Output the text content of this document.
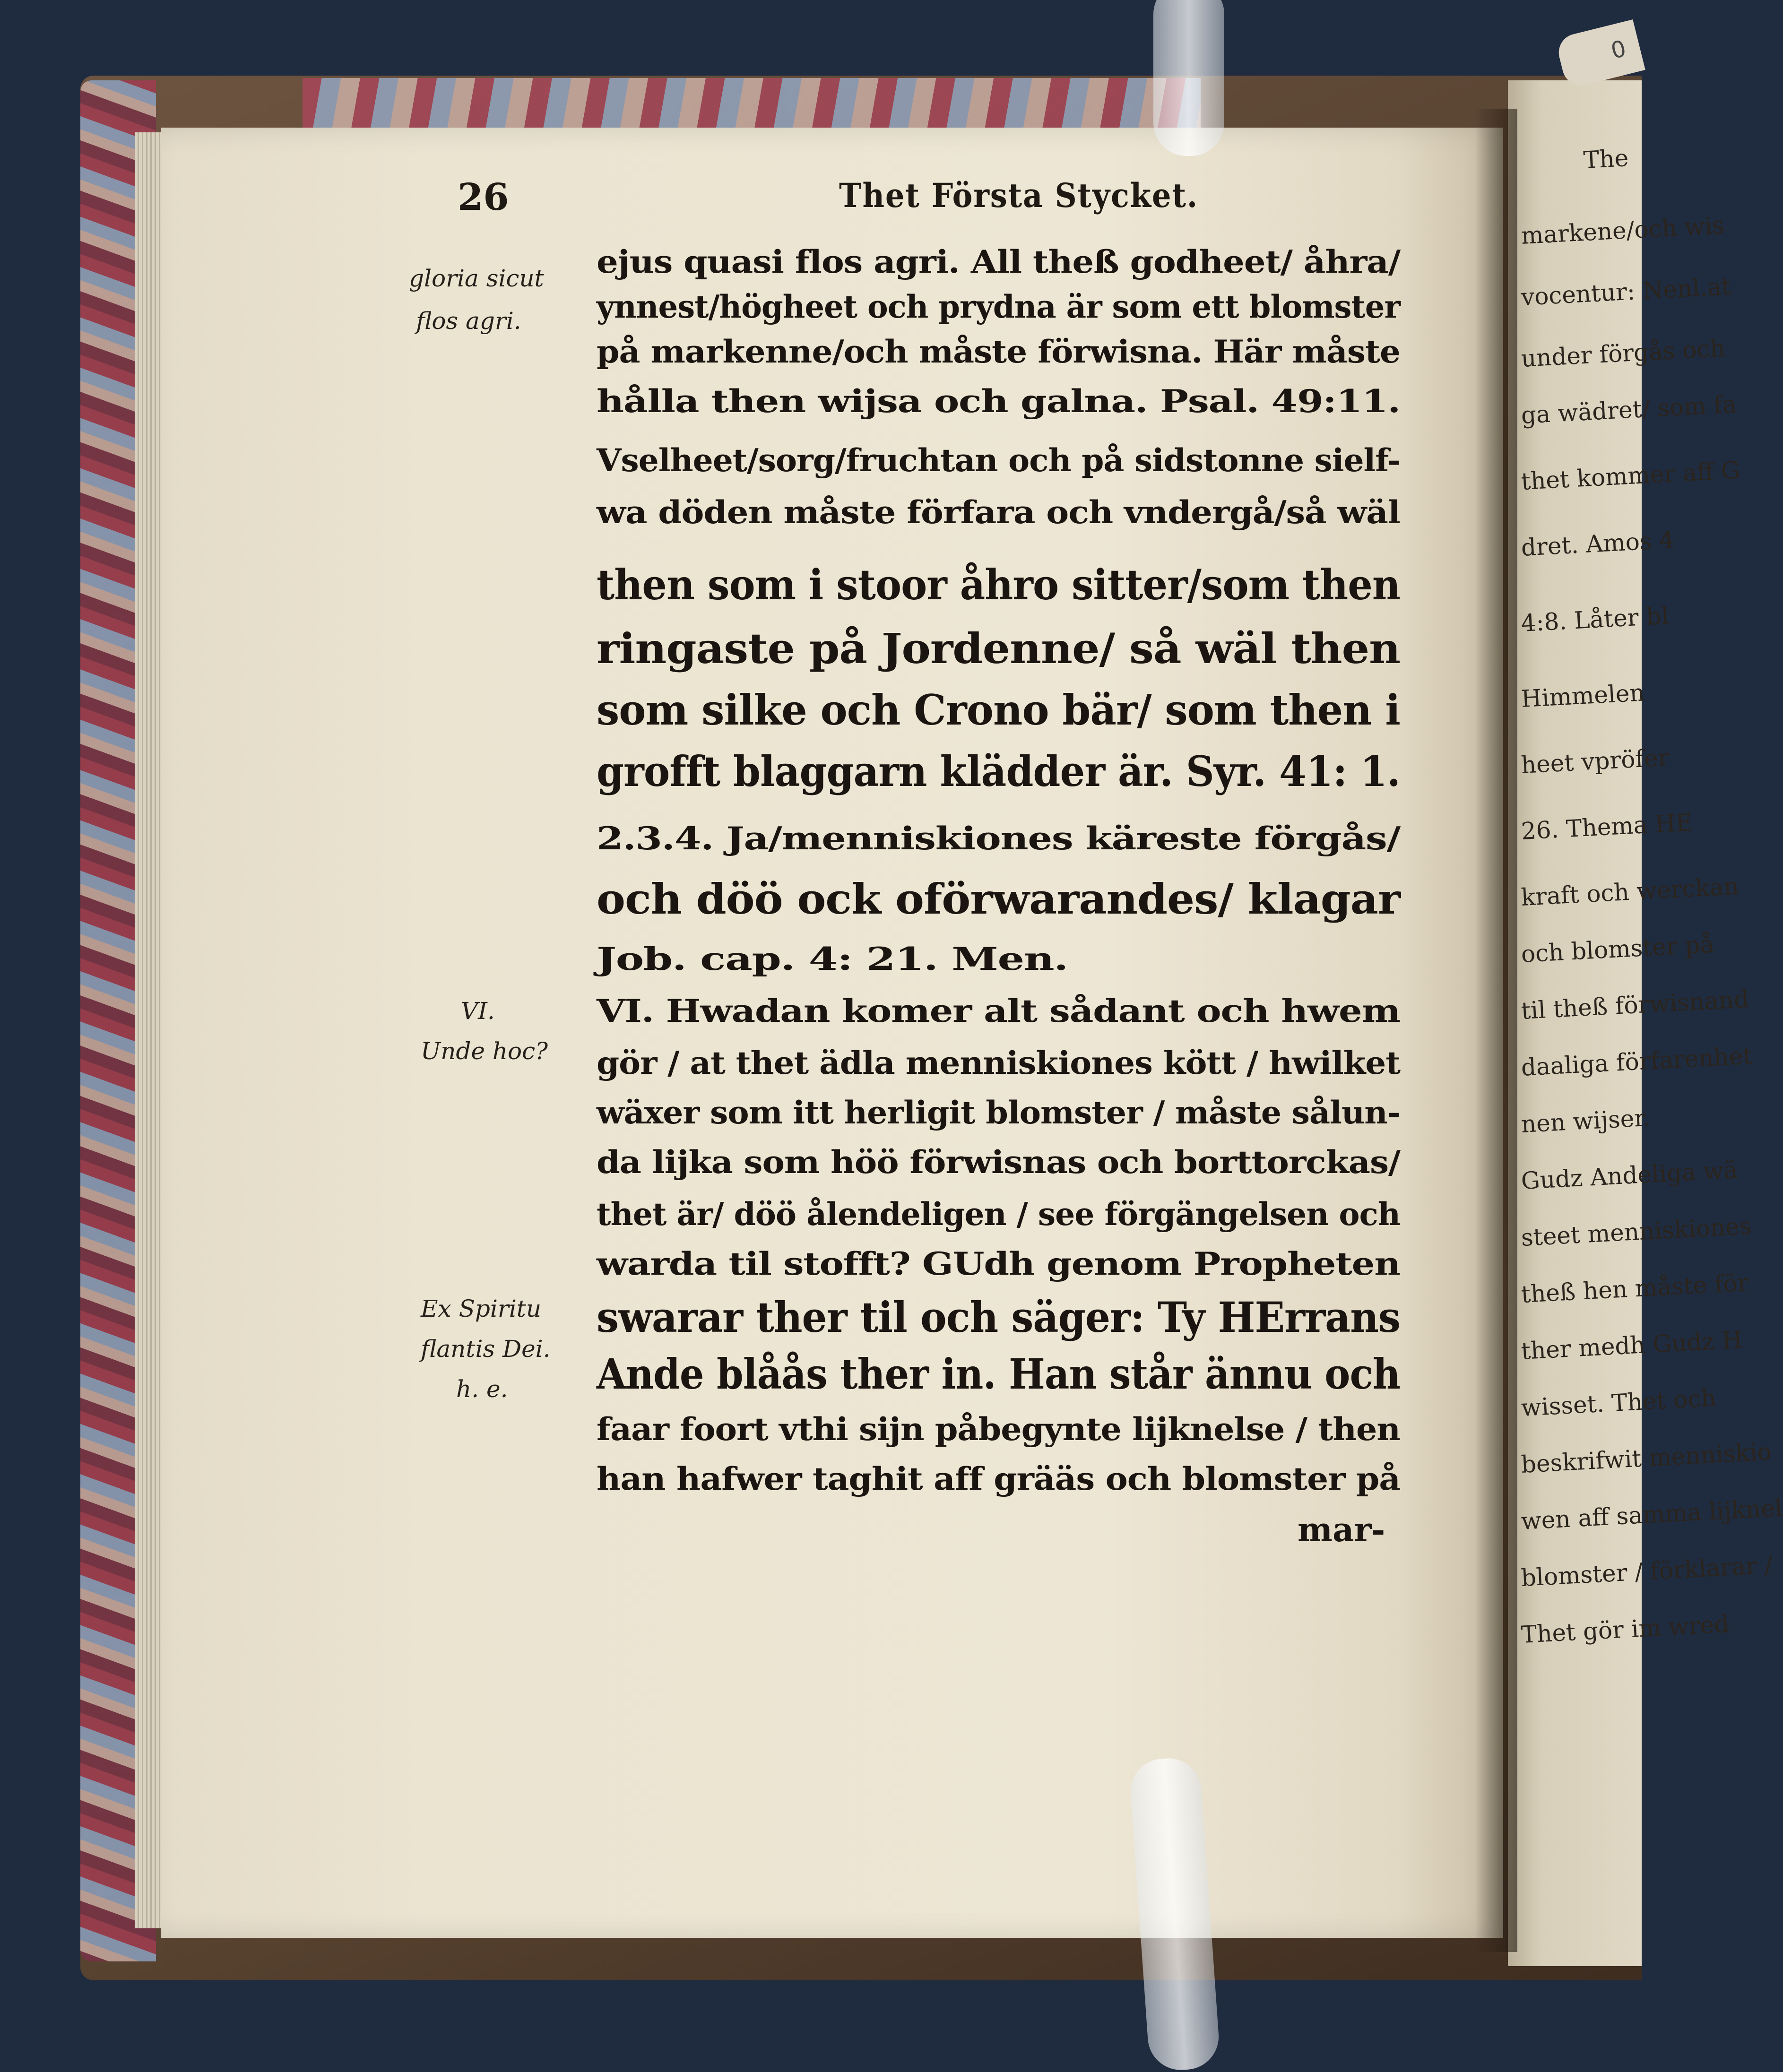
The
markene/och wis
vocentur: Nenl.at
under förgås och
ga wädret/ som fa
thet kommer aff G
dret. Amos 4
4:8. Låter bl
Himmelen
heet vpröfer
26. Thema HE
kraft och werckan
och blomster på
til theß förwisnand
daaliga förfarenhet
nen wijser.
Gudz Andeliga wä
steet menniskiones
theß hen måste för
ther medh Gudz H
wisset. Thet och
beskrifwit menniskio
wen aff samma lijknel
blomster / förklarar /
Thet gör im wred
0
26	Thet Första Stycket.
gloria sicut
flos agri.
VI.
Unde hoc?
Ex Spiritu
flantis Dei.
h. e.
ejus quasi flos agri. All theß godheet/ åhra/
ynnest/högheet och prydna är som ett blomster
på markenne/och måste förwisna. Här måste
hålla then wijsa och galna. Psal. 49:11.
Vselheet/sorg/fruchtan och på sidstonne sielf-
wa döden måste förfara och vndergå/så wäl
then som i stoor åhro sitter/som then
ringaste på Jordenne/ så wäl then
som silke och Crono bär/ som then i
grofft blaggarn klädder är. Syr. 41: 1.
2.3.4. Ja/menniskiones käreste förgås/
och döö ock oförwarandes/ klagar
Job. cap. 4: 21. Men.
VI. Hwadan komer alt sådant och hwem
gör / at thet ädla menniskiones kött / hwilket
wäxer som itt herligit blomster / måste sålun-
da lijka som höö förwisnas och borttorckas/
thet är/ döö ålendeligen / see förgängelsen och
warda til stofft? GUdh genom Propheten
swarar ther til och säger: Ty HErrans
Ande blåås ther in. Han står ännu och
faar foort vthi sijn påbegynte lijknelse / then
han hafwer taghit aff grääs och blomster på
mar-
